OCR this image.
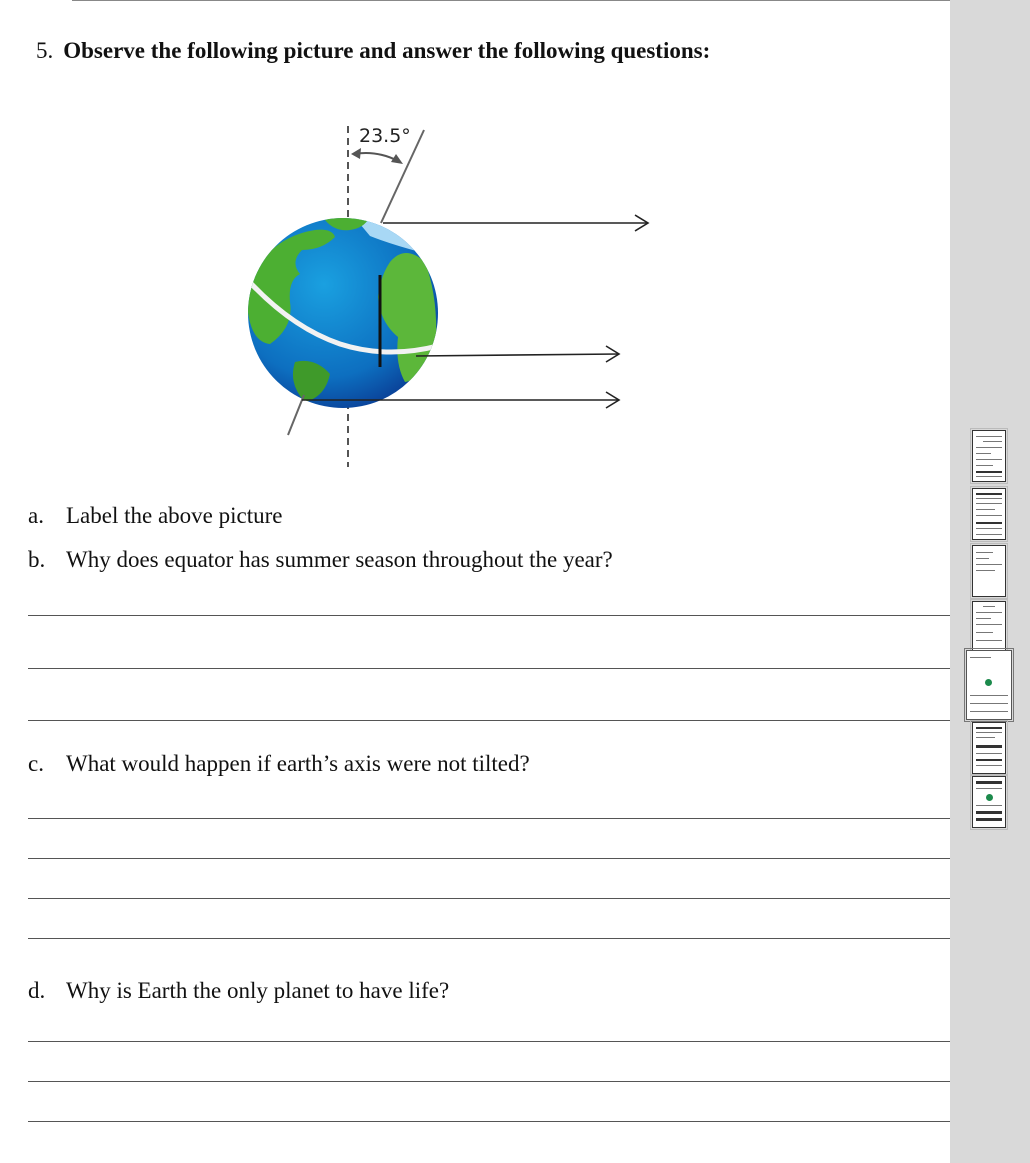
5. Observe the following picture and answer the following questions:
23.5°
a. Label the above picture
b. Why does equator has summer season throughout the year?
c. What would happen if earth’s axis were not tilted?
d. Why is Earth the only planet to have life?
